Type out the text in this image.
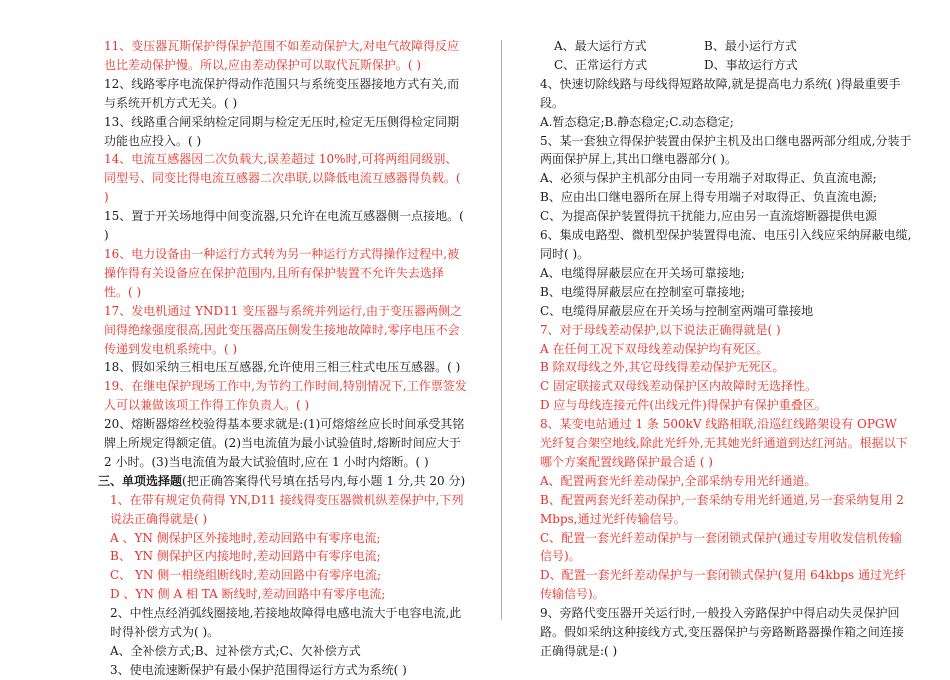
11、变压器瓦斯保护得保护范围不如差动保护大,对电气故障得反应也比差动保护慢。所以,应由差动保护可以取代瓦斯保护。( )

12、线路零序电流保护得动作范围只与系统变压器接地方式有关,而与系统开机方式无关。( )

13、线路重合闸采纳检定同期与检定无压时,检定无压侧得检定同期功能也应投入。( )

14、电流互感器因二次负载大,误差超过 10%时,可将两组同级别、同型号、同变比得电流互感器二次串联,以降低电流互感器得负载。( )

15、置于开关场地得中间变流器,只允许在电流互感器侧一点接地。( )

16、电力设备由一种运行方式转为另一种运行方式得操作过程中,被操作得有关设备应在保护范围内,且所有保护装置不允许失去选择性。( )

17、发电机通过 YND11 变压器与系统并列运行,由于变压器两侧之间得绝缘强度很高,因此变压器高压侧发生接地故障时,零序电压不会传递到发电机系统中。( )

18、假如采纳三相电压互感器,允许使用三相三柱式电压互感器。( )

19、在继电保护现场工作中,为节约工作时间,特别情况下,工作票签发人可以兼做该项工作得工作负责人。( )

20、熔断器熔丝校验得基本要求就是:(1)可熔熔丝应长时间承受其铭牌上所规定得额定值。(2)当电流值为最小试验值时,熔断时间应大于 2 小时。(3)当电流值为最大试验值时,应在 1 小时内熔断。( )

三、单项选择题(把正确答案得代号填在括号内,每小题 1 分,共 20 分)

1、在带有规定负荷得 YN,D11 接线得变压器微机纵差保护中,下列说法正确得就是( )

A 、YN 侧保护区外接地时,差动回路中有零序电流;

B、 YN 侧保护区内接地时,差动回路中有零序电流;

C、 YN 侧一相绕组断线时,差动回路中有零序电流;

D 、YN 侧 A 相 TA 断线时,差动回路中有零序电流;

2、中性点经消弧线圈接地,若接地故障得电感电流大于电容电流,此时得补偿方式为( )。

A、全补偿方式;B、过补偿方式;C、欠补偿方式

3、使电流速断保护有最小保护范围得运行方式为系统( )

A、最大运行方式	B、最小运行方式

C、正常运行方式	D、事故运行方式

4、快速切除线路与母线得短路故障,就是提高电力系统( )得最重要手段。

A.暂态稳定;B.静态稳定;C.动态稳定;

5、某一套独立得保护装置由保护主机及出口继电器两部分组成,分装于两面保护屏上,其出口继电器部分( )。

A、必须与保护主机部分由同一专用端子对取得正、负直流电源;

B、应由出口继电器所在屏上得专用端子对取得正、负直流电源;

C、为提高保护装置得抗干扰能力,应由另一直流熔断器提供电源

6、集成电路型、微机型保护装置得电流、电压引入线应采纳屏蔽电缆,同时( )。

A、电缆得屏蔽层应在开关场可靠接地;

B、电缆得屏蔽层应在控制室可靠接地;

C、电缆得屏蔽层应在开关场与控制室两端可靠接地

7、对于母线差动保护,以下说法正确得就是( )

A 在任何工况下双母线差动保护均有死区。

B 除双母线之外,其它母线得差动保护无死区。

C 固定联接式双母线差动保护区内故障时无选择性。

D 应与母线连接元件(出线元件)得保护有保护重叠区。

8、某变电站通过 1 条 500kV 线路相联,沿巡红线路架设有 OPGW 光纤复合架空地线,除此光纤外,无其她光纤通道到达红河站。根据以下哪个方案配置线路保护最合适 ( )

A、配置两套光纤差动保护,全部采纳专用光纤通道。

B、配置两套光纤差动保护,一套采纳专用光纤通道,另一套采纳复用 2Mbps,通过光纤传输信号。

C、配置一套光纤差动保护与一套闭锁式保护(通过专用收发信机传输信号)。

D、配置一套光纤差动保护与一套闭锁式保护(复用 64kbps 通过光纤传输信号)。

9、旁路代变压器开关运行时,一般投入旁路保护中得启动失灵保护回路。假如采纳这种接线方式,变压器保护与旁路断路器操作箱之间连接正确得就是:( )
